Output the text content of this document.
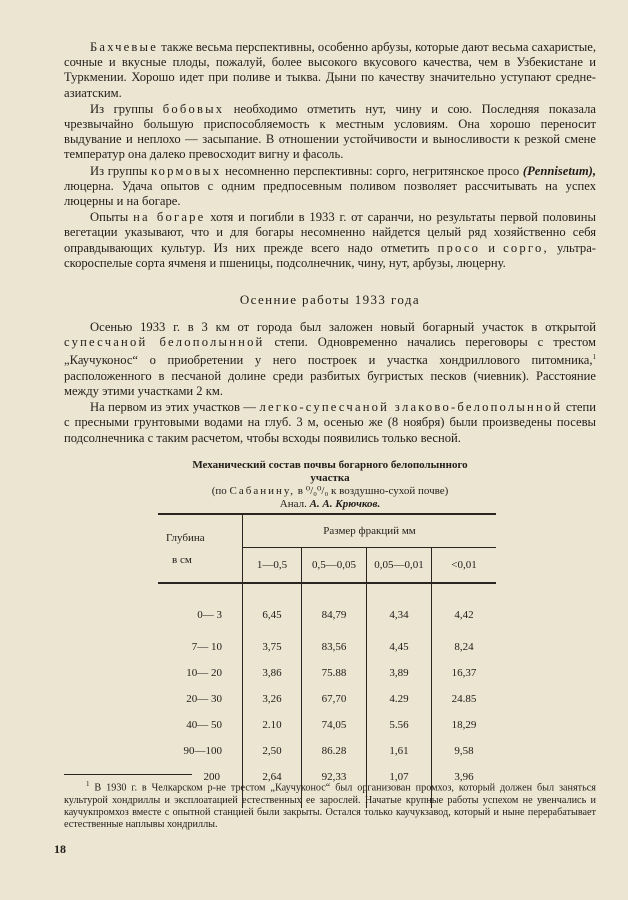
Бахчевые также весьма перспективны, особенно арбузы, которые дают весьма сахаристые, сочные и вкусные плоды, пожалуй, более высокого вкусового качества, чем в Узбекистане и Туркмении. Хорошо идет при поливе и тыква. Дыни по качеству значительно уступают средне-азиатским.

Из группы бобовых необходимо отметить нут, чину и сою. Последняя показала чрезвычайно большую приспособляемость к местным условиям. Она хорошо переносит выдувание и неплохо — засыпание. В отношении устойчивости и выносливости к резкой смене температур она далеко превосходит вигну и фасоль.

Из группы кормовых несомненно перспективны: сорго, негритянское просо (Pennisetum), люцерна. Удача опытов с одним предпосевным поливом позволяет рассчитывать на успех люцерны и на богаре.

Опыты на богаре хотя и погибли в 1933 г. от саранчи, но результаты первой половины вегетации указывают, что и для богары несомненно найдется целый ряд хозяйственно себя оправдывающих культур. Из них прежде всего надо отметить просо и сорго, ультра-скороспелые сорта ячменя и пшеницы, подсолнечник, чину, нут, арбузы, люцерну.

Осенние работы 1933 года

Осенью 1933 г. в 3 км от города был заложен новый богарный участок в открытой супесчаной белополынной степи. Одновременно начались переговоры с трестом „Каучуконос“ о приобретении у него построек и участка хондриллового питомника,$^1$ расположенного в песчаной долине среди разбитых бугристых песков (чиевник). Расстояние между этими участками 2 км.

На первом из этих участков — легко-супесчаной злаково-белополынной степи с пресными грунтовыми водами на глуб. 3 м, осенью же (8 ноября) были произведены посевы подсолнечника с таким расчетом, чтобы всходы появились только весной.

Механический состав почвы богарного белополынного

участка

(по Сабанину, в ⁰/₀⁰/₀ к воздушно-сухой почве)

Анал. А. А. Крючков.

Глубина
в см	Размер фракций мм			
	1—0,5	0,5—0,05	0,05—0,01	<0,01
0— 3	6,45	84,79	4,34	4,42
7— 10	3,75	83,56	4,45	8,24
10— 20	3,86	75.88	3,89	16,37
20— 30	3,26	67,70	4.29	24.85
40— 50	2.10	74,05	5.56	18,29
90—100	2,50	86.28	1,61	9,58
200	2,64	92,33	1,07	3,96

$^1$ В 1930 г. в Челкарском р-не трестом „Каучуконос“ был организован промхоз, который должен был заняться культурой хондриллы и эксплоатацией естественных ее зарослей. Начатые крупные работы успехом не увенчались и каучукпромхоз вместе с опытной станцией были закрыты. Остался только каучукзавод, который и ныне перерабатывает естественные наплывы хондриллы.

18
